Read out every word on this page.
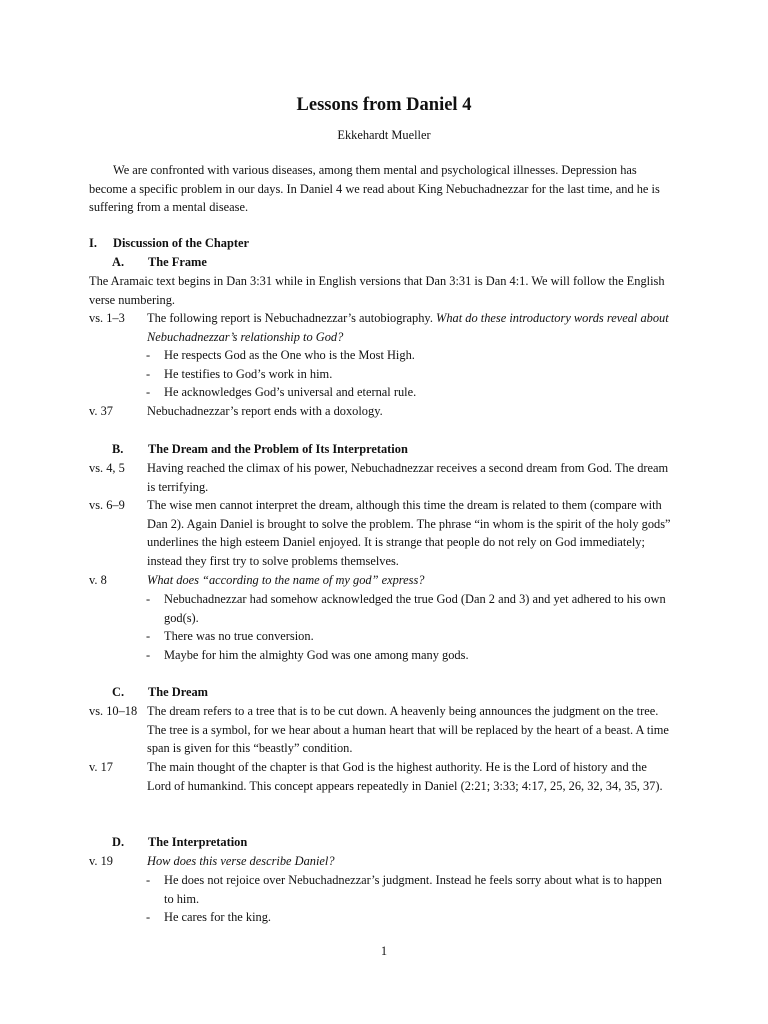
Lessons from Daniel 4
Ekkehardt Mueller
We are confronted with various diseases, among them mental and psychological illnesses. Depression has become a specific problem in our days. In Daniel 4 we read about King Nebuchadnezzar for the last time, and he is suffering from a mental disease.
I. Discussion of the Chapter
A. The Frame
The Aramaic text begins in Dan 3:31 while in English versions that Dan 3:31 is Dan 4:1. We will follow the English verse numbering.
vs. 1–3	The following report is Nebuchadnezzar’s autobiography. What do these introductory words reveal about Nebuchadnezzar’s relationship to God?
-	He respects God as the One who is the Most High.
-	He testifies to God’s work in him.
-	He acknowledges God’s universal and eternal rule.
v. 37	Nebuchadnezzar’s report ends with a doxology.
B. The Dream and the Problem of Its Interpretation
vs. 4, 5	Having reached the climax of his power, Nebuchadnezzar receives a second dream from God. The dream is terrifying.
vs. 6–9	The wise men cannot interpret the dream, although this time the dream is related to them (compare with Dan 2). Again Daniel is brought to solve the problem. The phrase “in whom is the spirit of the holy gods” underlines the high esteem Daniel enjoyed. It is strange that people do not rely on God immediately; instead they first try to solve problems themselves.
v. 8	What does “according to the name of my god” express?
-	Nebuchadnezzar had somehow acknowledged the true God (Dan 2 and 3) and yet adhered to his own god(s).
-	There was no true conversion.
-	Maybe for him the almighty God was one among many gods.
C. The Dream
vs. 10–18 The dream refers to a tree that is to be cut down. A heavenly being announces the judgment on the tree. The tree is a symbol, for we hear about a human heart that will be replaced by the heart of a beast. A time span is given for this “beastly” condition.
v. 17	The main thought of the chapter is that God is the highest authority. He is the Lord of history and the Lord of humankind. This concept appears repeatedly in Daniel (2:21; 3:33; 4:17, 25, 26, 32, 34, 35, 37).
D. The Interpretation
v. 19	How does this verse describe Daniel?
-	He does not rejoice over Nebuchadnezzar’s judgment. Instead he feels sorry about what is to happen to him.
-	He cares for the king.
1
